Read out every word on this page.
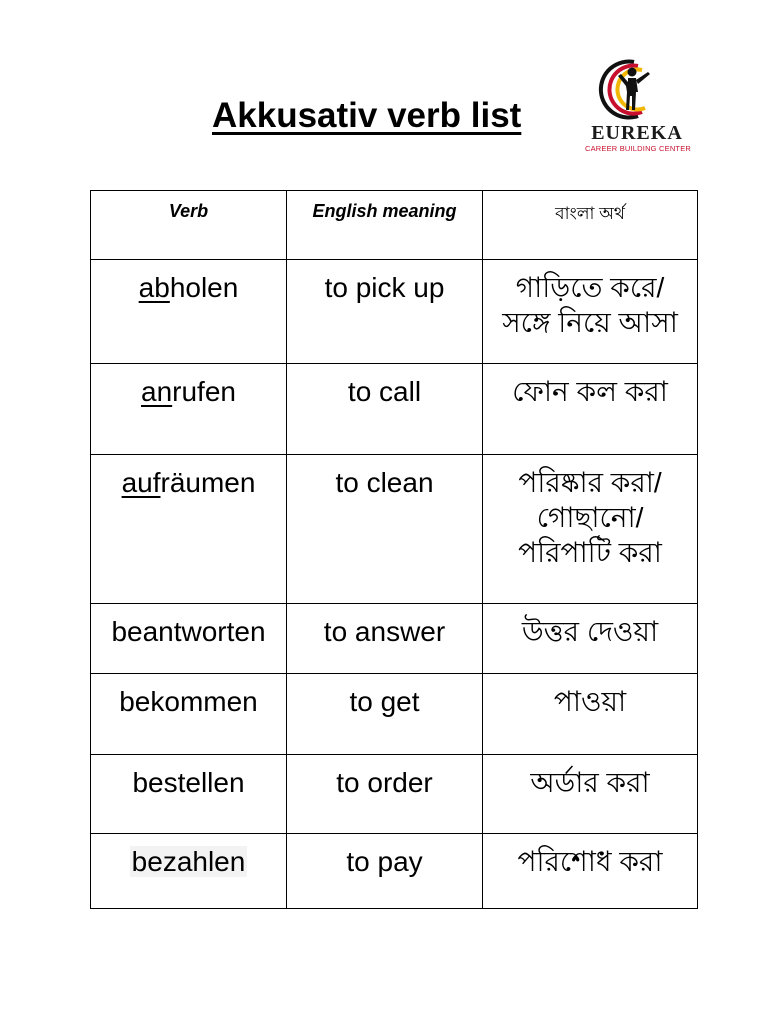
Akkusativ verb list	EUREKA
CAREER BUILDING CENTER
Verb	English meaning	বাংলা অর্থ
abholen	to pick up	গাড়িতে করে/
সঙ্গে নিয়ে আসা

anrufen	to call	ফোন কল করা

aufräumen	to clean	পরিষ্কার করা/
গোছানো/
পরিপাটি করা

beantworten	to answer	উত্তর দেওয়া

bekommen	to get	পাওয়া

bestellen	to order	অর্ডার করা

bezahlen	to pay	পরিশোধ করা
